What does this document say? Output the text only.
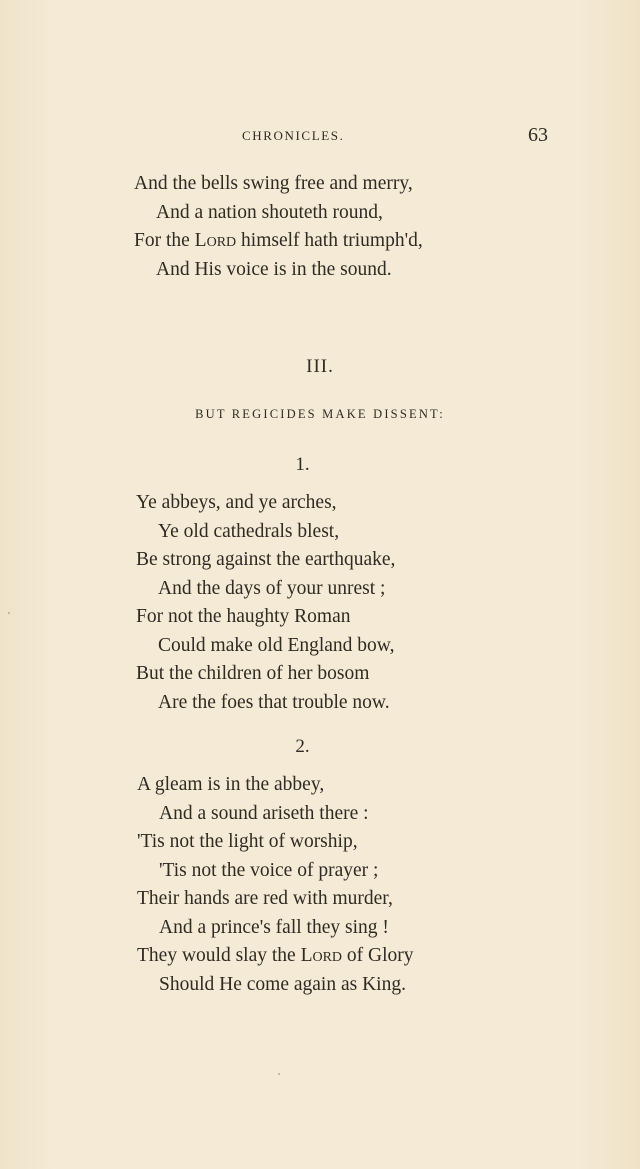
CHRONICLES.	63
And the bells swing free and merry,
And a nation shouteth round,
For the Lord himself hath triumph'd,
And His voice is in the sound.
III.
BUT REGICIDES MAKE DISSENT:
1.
Ye abbeys, and ye arches,
Ye old cathedrals blest,
Be strong against the earthquake,
And the days of your unrest ;
For not the haughty Roman
Could make old England bow,
But the children of her bosom
Are the foes that trouble now.
2.
A gleam is in the abbey,
And a sound ariseth there :
'Tis not the light of worship,
'Tis not the voice of prayer ;
Their hands are red with murder,
And a prince's fall they sing !
They would slay the Lord of Glory
Should He come again as King.
